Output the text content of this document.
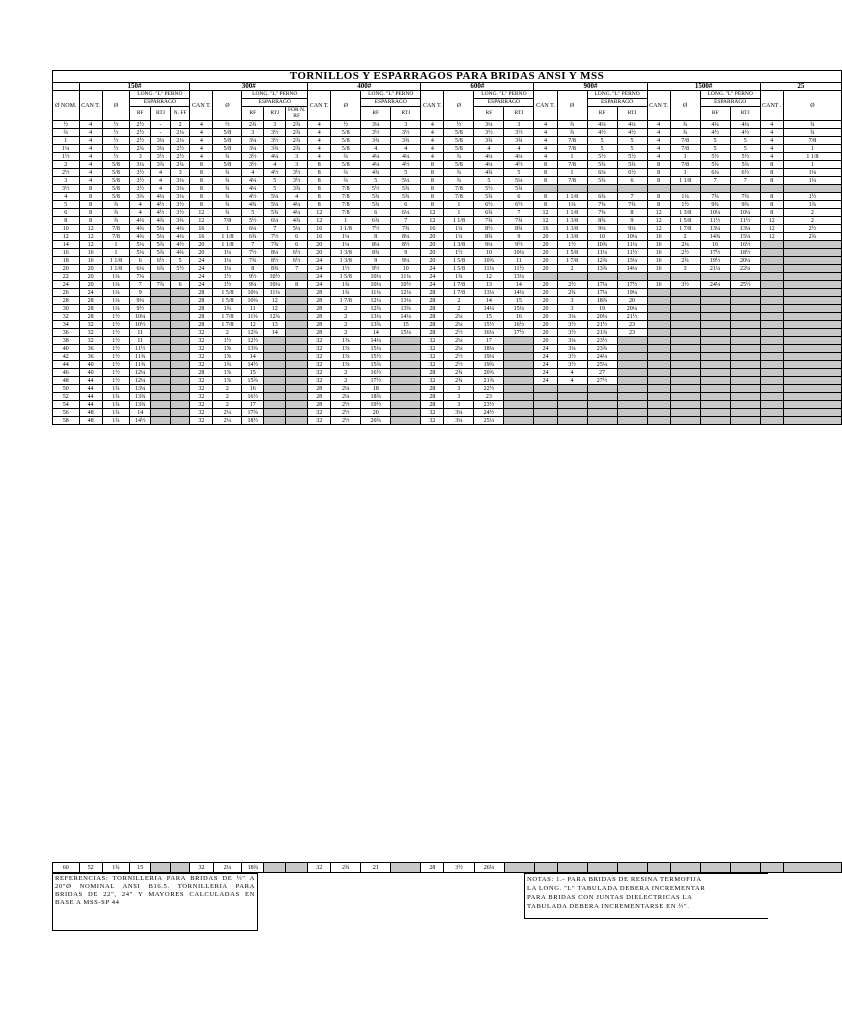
TORNILLOS Y ESPARRAGOS PARA BRIDAS ANSI Y MSS																												
	150#					300#					400#				600#				900#				1500#				25	
Ø NOM.	CAN T.	Ø	LONG. "L" PERNO			CAN T.	Ø	LONG. "L" PERNO			CAN T.	Ø	LONG. "L" PERNO		CAN T.	Ø	LONG. "L" PERNO		CAN T.	Ø	LONG. "L" PERNO		CAN T.	Ø	LONG. "L" PERNO		CANT .	Ø
			ESPARRAGO					ESPARRAGO					ESPARRAGO				ESPARRAGO				ESPARRAGO				ESPARRAGO			
			RF	RTJ	N. FF			RF	RTJ	FOR N. RF			RF	RTJ			RF	RTJ			RF	RTJ			RF	RTJ		
½	4	½	2½	-	2	4	½	2¾	3	2¾	4	½	3¼	3	4	½	3¼	3	4	¾	4¼	4¼	4	¾	4¼	4¼	4	¾
¾	4	½	2½	-	2¼	4	5/8	3	3½	2¾	4	5/8	3½	3½	4	5/8	3½	3½	4	¾	4½	4½	4	¾	4½	4½	4	¾
1	4	½	2½	3¼	2¼	4	5/8	3¼	3½	2¾	4	5/8	3¾	3¾	4	5/8	3¾	3¾	4	7/8	5	5	4	7/8	5	5	4	7/8
1¼	4	½	2¾	3¼	2½	4	5/8	3¼	3¾	2¾	4	5/8	4	4	4	5/8	4	4	4	7/8	5	5	4	7/8	5	5	4	1
1½	4	½	3	3½	2½	4	¾	3½	4¼	3	4	¾	4¼	4¼	4	¾	4¼	4¼	4	1	5½	5½	4	1	5½	5½	4	1 1/8
2	4	5/8	3¼	3¾	2¾	8	5/8	3½	4	3	8	5/8	4¼	4½	8	5/8	4¼	4½	8	7/8	5¾	5¾	8	7/8	5¾	5¾	8	1
2½	4	5/8	3½	4	3	8	¾	4	4½	3½	8	¾	4¾	5	8	¾	4¾	5	8	1	6¼	6½	8	1	6¼	6½	8	1⅛
3	4	5/8	3½	4	3¼	8	¾	4¼	5	3½	8	¾	5	5¼	8	¾	5	5¼	8	7/8	5¾	6	8	1 1/8	7	7	8	1¼
3½	8	5/8	3½	4	3¼	8	¾	4¼	5	3¾	8	7/8	5½	5¾	8	7/8	5½	5¾										
4	8	5/8	3¾	4¼	3¼	8	¾	4½	5¼	4	8	7/8	5¾	5¾	8	7/8	5¾	6	8	1 1/8	6¾	7	8	1¼	7¾	7¾	8	1½
5	8	¾	4	4½	3½	8	¾	4¾	5¼	4¼	8	7/8	5¾	6	8	1	6½	6½	8	1¼	7¾	7¾	8	1½	9¾	9¾	8	1¾
6	8	¾	4	4½	3½	12	¾	5	5¾	4¼	12	7/8	6	6¼	12	1	6¾	7	12	1 1/8	7¾	8	12	1 3/8	10¼	10¼	8	2
8	8	¾	4¼	4¾	3¾	12	7/8	5½	6¼	4¾	12	1	6¾	7	12	1 1/8	7¾	7¾	12	1 3/8	8¾	9	12	1 5/8	11½	11½	12	2
10	12	7/8	4¾	5¼	4¼	16	1	6¼	7	5¼	16	1 1/8	7½	7¾	16	1¼	8½	8¾	16	1 3/8	9¼	9¼	12	1 7/8	13¼	13¼	12	2½
12	12	7/8	4¾	5¼	4¼	16	1 1/8	6¾	7½	6	16	1¼	8	8¼	20	1¼	8¾	9	20	1 3/8	10	10¼	16	2	14¾	15¼	12	2¾
14	12	1	5¼	5¾	4½	20	1 1/8	7	7¾	6	20	1¼	8¼	8½	20	1 3/8	9¼	9½	20	1½	10¾	11¼	16	2¼	16	16½		
16	16	1	5¼	5¾	4¾	20	1¼	7½	8¼	6½	20	1 3/8	8¾	9	20	1½	10	10¼	20	1 5/8	11¼	11½	16	2½	17½	18½		
18	16	1 1/8	6	6½	5	24	1¼	7¾	8½	6½	24	1 3/8	9	9¼	20	1 5/8	10¾	11	20	1 7/8	12¾	13¼	16	2¾	19½	20¼		
20	20	1 1/8	6¼	6¾	5½	24	1¼	8	8¾	7	24	1½	9½	10	24	1 5/8	11¼	11½	20	2	13¾	14¼	16	3	21¼	22¼		
22	20	1¼	7¼			24	1½	9½	10½		24	1 5/8	10¼	11¼	24	1¾	12	13¼										
24	20	1¼	7	7¾	6	24	1½	9¼	10¼	8	24	1¾	10¼	10½	24	1 7/8	13	14	20	2½	17¼	17½	16	3½	24¼	25½		
26	24	1¼	9			28	1 5/8	10¼	11¼		28	1¾	11¼	12¼	28	1 7/8	13¼	14¼	20	2¾	17¼	19¼						
28	28	1¼	9¼			28	1 5/8	10¾	12		28	1 7/8	12¼	13¼	28	2	14	15	20	3	18¾	20						
30	28	1¼	9½			28	1¾	11	12		28	2	12¾	13¾	28	2	14¼	15¼	20	3	19	20¼						
32	28	1½	10¼			28	1 7/8	11¾	12¾		28	2	13¼	14¼	28	2¼	15	16	20	3¼	20¼	21½						
34	32	1½	10½			28	1 7/8	12	13		28	2	13¾	15	28	2¼	15½	16½	20	3½	21½	23						
36	32	1½	11			32	2	12¾	14		28	2	14	15¼	28	2½	16¼	17½	20	3½	21¾	23						
38	32	1½	11			32	1½	12½			32	1⅝	14¼		32	2¼	17		20	3¼	23½							
40	36	1½	11½			32	1⅝	13¾			32	1⅞	15¼		32	2¼	18¼		24	3¼	23¾							
42	36	1½	11¾			32	1⅝	14			32	1⅞	15½		32	2½	19¼		24	3½	24¼							
44	40	1½	11¾			32	1¾	14½			32	1⅞	15¾		32	2½	19¾		24	3½	25¼							
46	40	1½	12¼			28	1⅞	15			32	2	16½		28	2¾	20¾		24	4	27							
48	44	1½	12¼			32	1⅞	15¾			32	2	17½		32	2¾	21¾		24	4	27½							
50	44	1¾	13¼			32	2	16			28	2¼	18		28	3	22½											
52	44	1¾	13¾			32	2	16½			28	2¼	18¾		28	3	23											
54	44	1¾	13¾			32	2	17			28	2½	19½		28	3	23½											
56	48	1¾	14			32	2¼	17¾			32	2½	20		32	3¼	24½											
58	48	1¾	14½			32	2¼	18½			32	2½	20¾		32	3¼	25¼											
60	52	1¾	15			32	2¼	18¾			32	2¾	21		28	3½	26¼											
REFERENCIAS: TORNILLERIA PARA BRIDAS DE ½" A 20"Ø NOMINAL ANSI B16.5. TORNILLERIA PARA BRIDAS DE 22", 24" Y MAYORES CALCULADAS EN BASE A MSS-SP 44
NOTAS: 1.- PARA BRIDAS DE RESINA TERMOFIJA
LA LONG. "L" TABULADA DEBERA INCREMENTAR
PARA BRIDAS CON JUNTAS DIELECTRICAS LA
TABULADA DEBERA INCREMENTARSE EN ½".
